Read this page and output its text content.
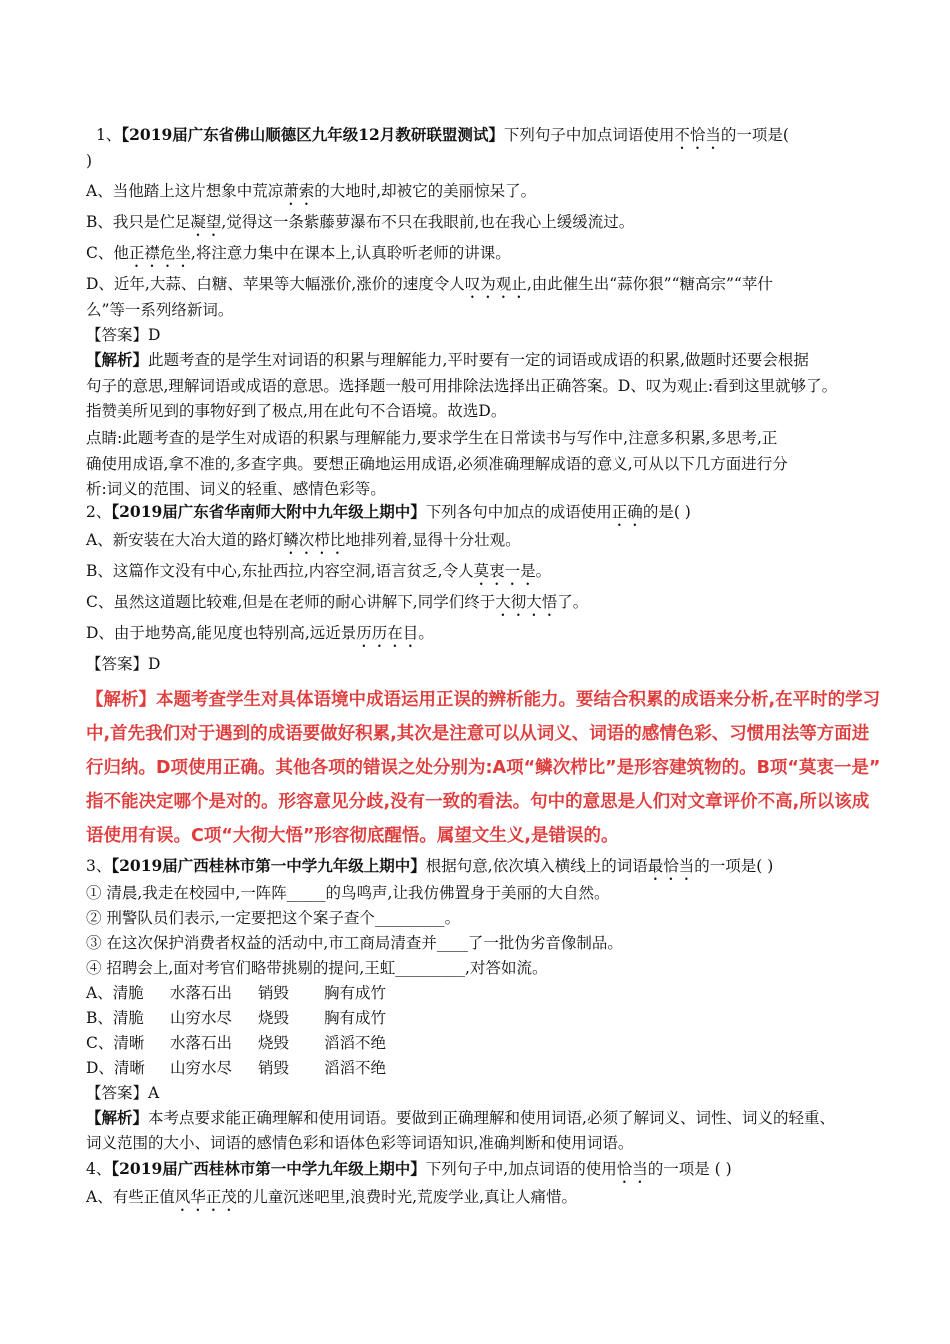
1、【2019届广东省佛山顺德区九年级12月教研联盟测试】下列句子中加点词语使用不恰当的一项是(
)
A、当他踏上这片想象中荒凉萧索的大地时,却被它的美丽惊呆了。
B、我只是伫足凝望,觉得这一条紫藤萝瀑布不只在我眼前,也在我心上缓缓流过。
C、他正襟危坐,将注意力集中在课本上,认真聆听老师的讲课。
D、近年,大蒜、白糖、苹果等大幅涨价,涨价的速度令人叹为观止,由此催生出“蒜你狠”“糖高宗”“苹什
么”等一系列络新词。
【答案】D
【解析】此题考查的是学生对词语的积累与理解能力,平时要有一定的词语或成语的积累,做题时还要会根据
句子的意思,理解词语或成语的意思。选择题一般可用排除法选择出正确答案。D、叹为观止:看到这里就够了。
指赞美所见到的事物好到了极点,用在此句不合语境。故选D。
点睛:此题考查的是学生对成语的积累与理解能力,要求学生在日常读书与写作中,注意多积累,多思考,正
确使用成语,拿不准的,多查字典。要想正确地运用成语,必须准确理解成语的意义,可从以下几方面进行分
析:词义的范围、词义的轻重、感情色彩等。
2、【2019届广东省华南师大附中九年级上期中】下列各句中加点的成语使用正确的是( )
A、新安装在大冶大道的路灯鳞次栉比地排列着,显得十分壮观。
B、这篇作文没有中心,东扯西拉,内容空洞,语言贫乏,令人莫衷一是。
C、虽然这道题比较难,但是在老师的耐心讲解下,同学们终于大彻大悟了。
D、由于地势高,能见度也特别高,远近景历历在目。
【答案】D
【解析】本题考查学生对具体语境中成语运用正误的辨析能力。要结合积累的成语来分析,在平时的学习
中,首先我们对于遇到的成语要做好积累,其次是注意可以从词义、词语的感情色彩、习惯用法等方面进
行归纳。D项使用正确。其他各项的错误之处分别为:A项“鳞次栉比”是形容建筑物的。B项“莫衷一是”
指不能决定哪个是对的。形容意见分歧,没有一致的看法。句中的意思是人们对文章评价不高,所以该成
语使用有误。C项“大彻大悟”形容彻底醒悟。属望文生义,是错误的。
3、【2019届广西桂林市第一中学九年级上期中】根据句意,依次填入横线上的词语最恰当的一项是( )
① 清晨,我走在校园中,一阵阵_____的鸟鸣声,让我仿佛置身于美丽的大自然。
② 刑警队员们表示,一定要把这个案子查个_________。
③ 在这次保护消费者权益的活动中,市工商局清查并____了一批伪劣音像制品。
④ 招聘会上,面对考官们略带挑剔的提问,王虹_________,对答如流。
A、清脆 水落石出 销毁 胸有成竹
B、清脆 山穷水尽 烧毁 胸有成竹
C、清晰 水落石出 烧毁 滔滔不绝
D、清晰 山穷水尽 销毁 滔滔不绝
【答案】A
【解析】本考点要求能正确理解和使用词语。要做到正确理解和使用词语,必须了解词义、词性、词义的轻重、
词义范围的大小、词语的感情色彩和语体色彩等词语知识,准确判断和使用词语。
4、【2019届广西桂林市第一中学九年级上期中】下列句子中,加点词语的使用恰当的一项是 ( )
A、有些正值风华正茂的儿童沉迷吧里,浪费时光,荒废学业,真让人痛惜。
